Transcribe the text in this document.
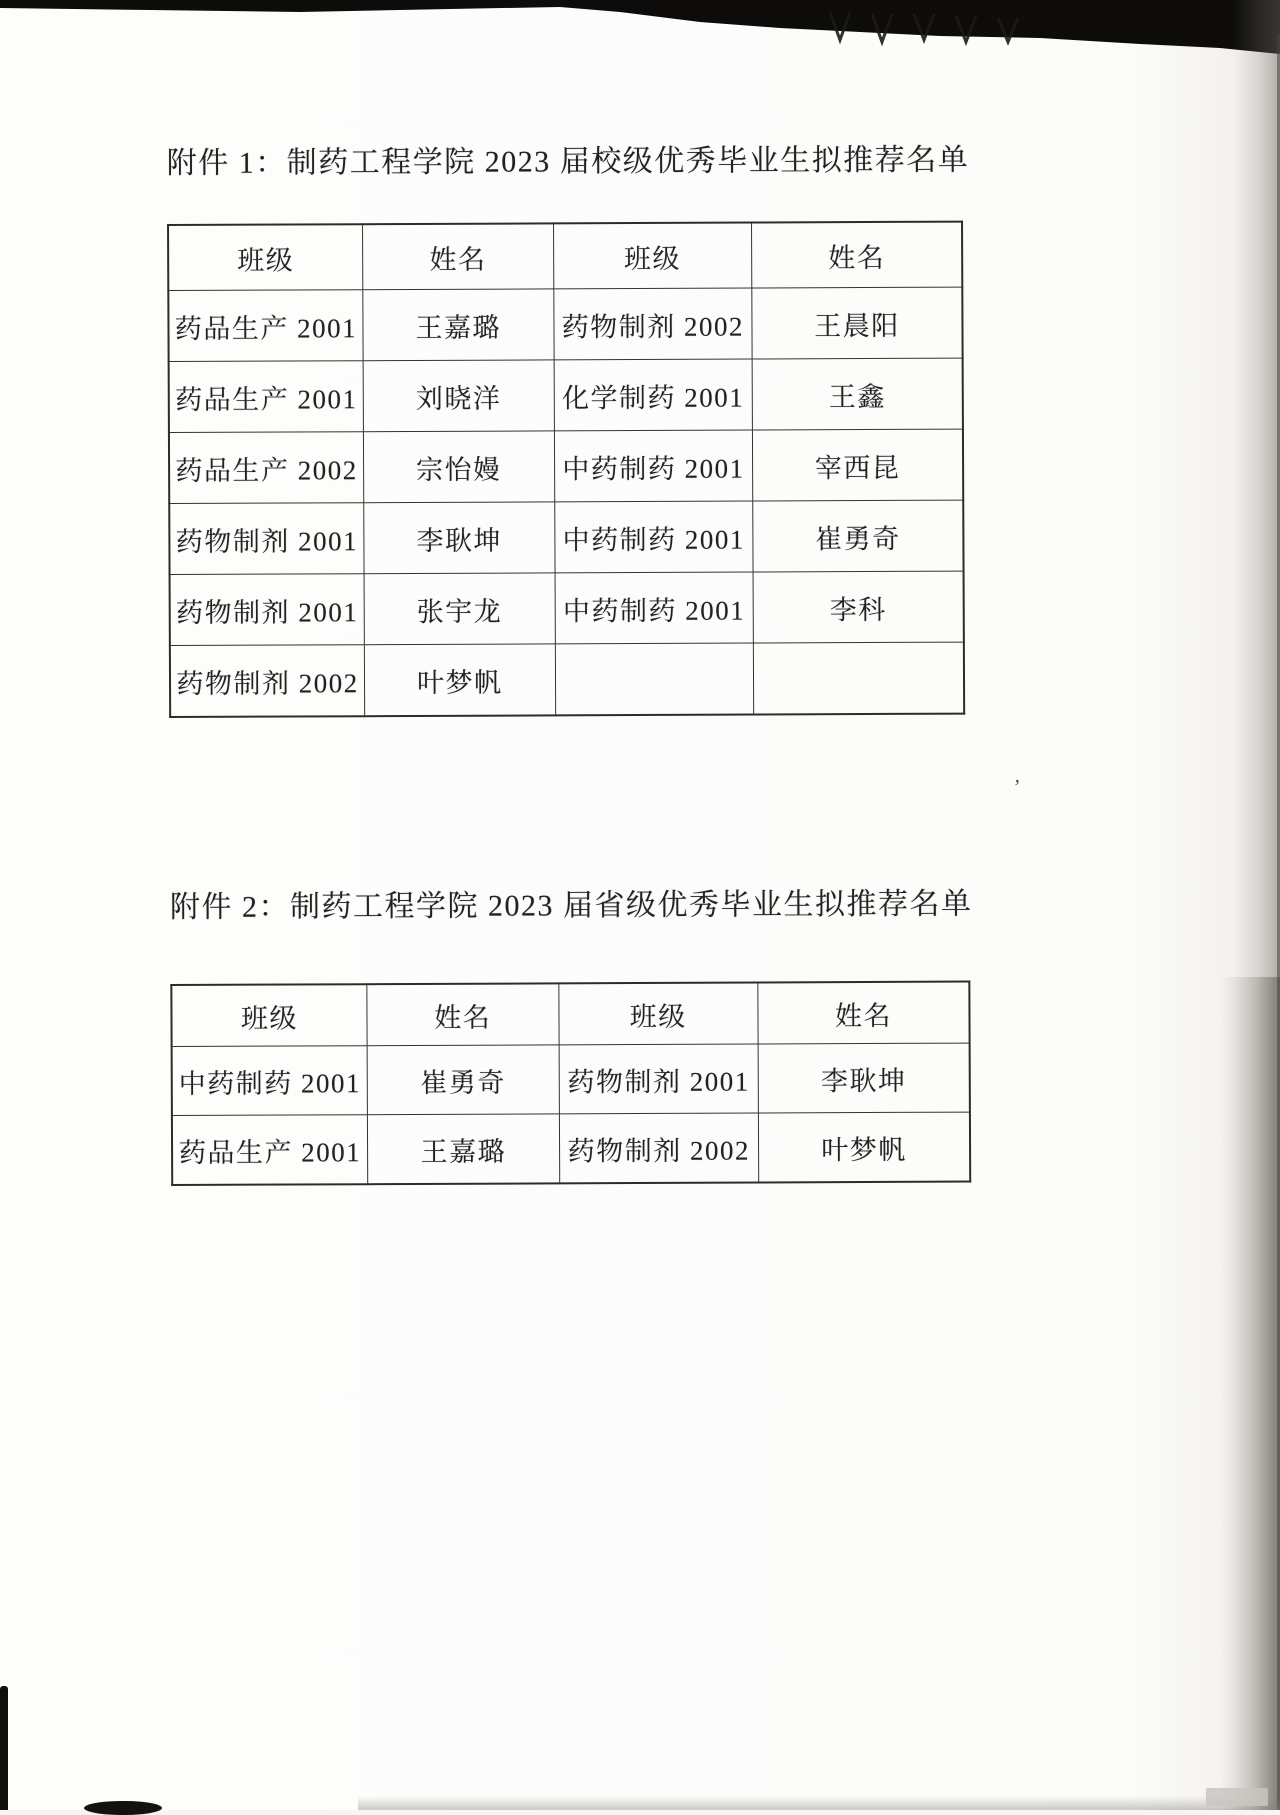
附件 1：制药工程学院 2023 届校级优秀毕业生拟推荐名单
班级	姓名	班级	姓名
药品生产 2001	王嘉璐	药物制剂 2002	王晨阳
药品生产 2001	刘晓洋	化学制药 2001	王鑫
药品生产 2002	宗怡嫚	中药制药 2001	宰西昆
药物制剂 2001	李耿坤	中药制药 2001	崔勇奇
药物制剂 2001	张宇龙	中药制药 2001	李科
药物制剂 2002	叶梦帆		
附件 2：制药工程学院 2023 届省级优秀毕业生拟推荐名单
班级	姓名	班级	姓名
中药制药 2001	崔勇奇	药物制剂 2001	李耿坤
药品生产 2001	王嘉璐	药物制剂 2002	叶梦帆
’
